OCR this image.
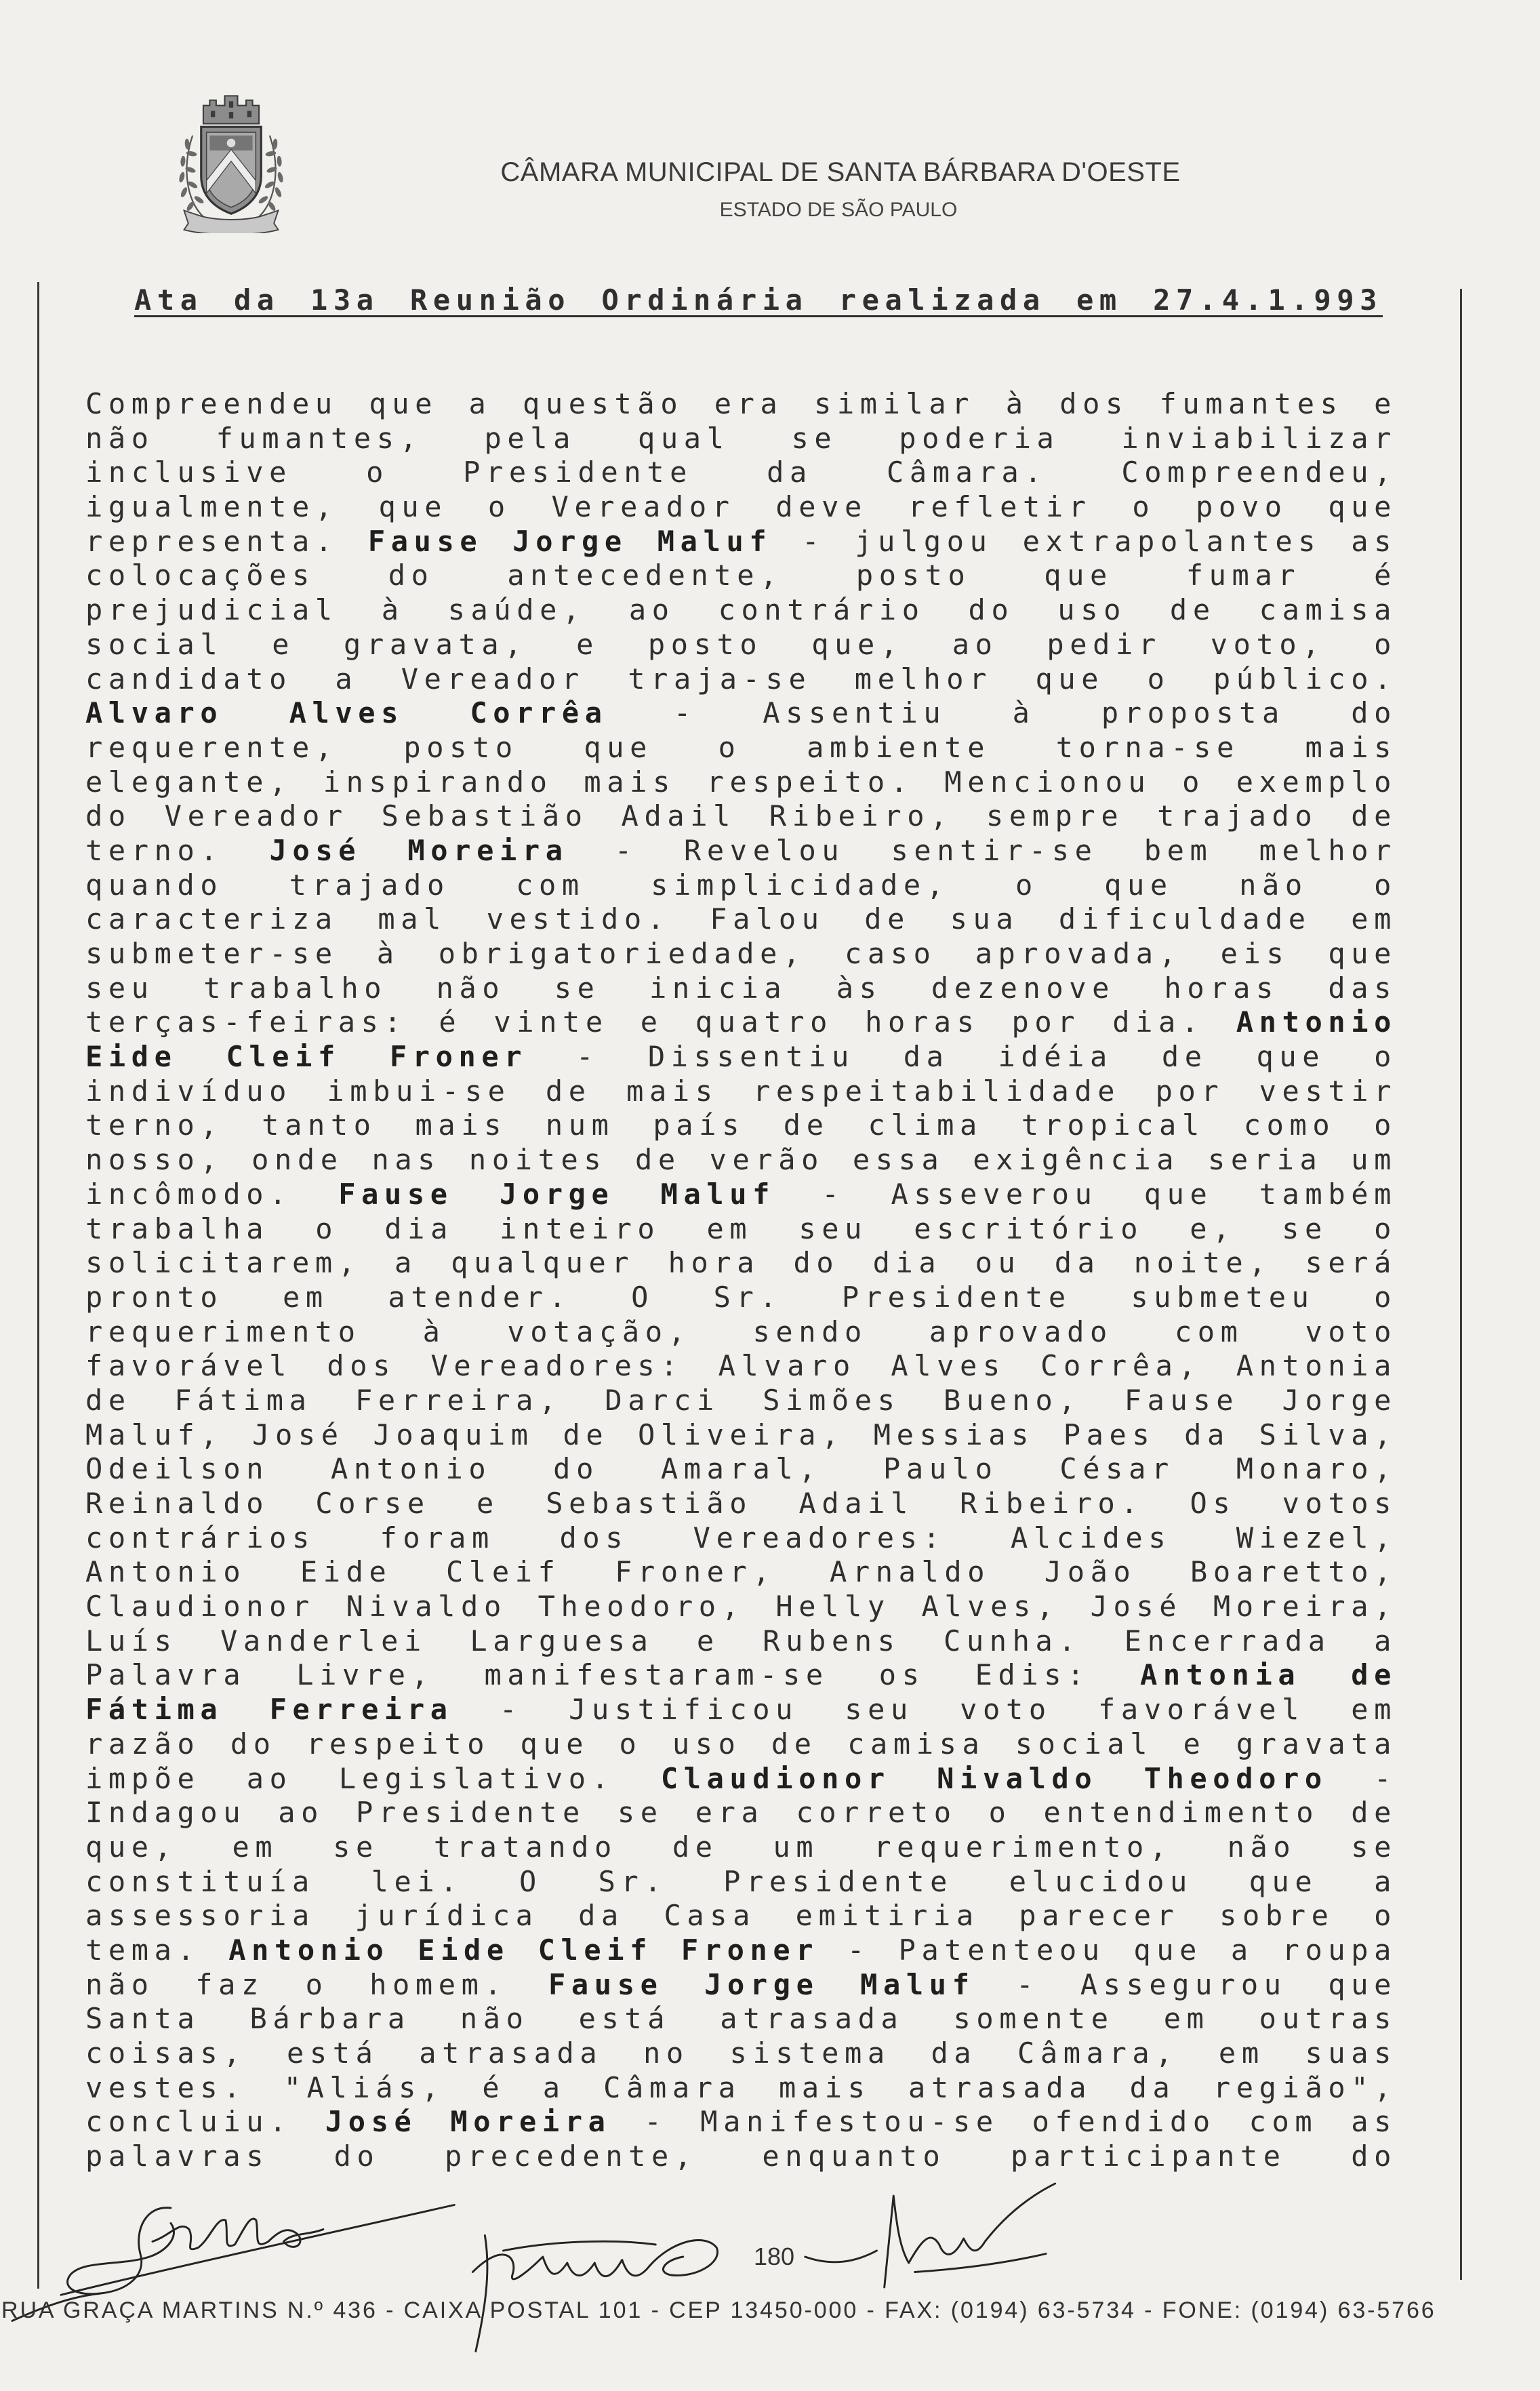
CÂMARA MUNICIPAL DE SANTA BÁRBARA D'OESTE
ESTADO DE SÃO PAULO
Ata da 13a Reunião Ordinária realizada em 27.4.1.993
Compreendeu que a questão era similar à dos fumantes e
não fumantes, pela qual se poderia inviabilizar
inclusive o Presidente da Câmara. Compreendeu,
igualmente, que o Vereador deve refletir o povo que
representa. Fause Jorge Maluf - julgou extrapolantes as
colocações do antecedente, posto que fumar é
prejudicial à saúde, ao contrário do uso de camisa
social e gravata, e posto que, ao pedir voto, o
candidato a Vereador traja-se melhor que o público.
Alvaro Alves Corrêa - Assentiu à proposta do
requerente, posto que o ambiente torna-se mais
elegante, inspirando mais respeito. Mencionou o exemplo
do Vereador Sebastião Adail Ribeiro, sempre trajado de
terno. José Moreira - Revelou sentir-se bem melhor
quando trajado com simplicidade, o que não o
caracteriza mal vestido. Falou de sua dificuldade em
submeter-se à obrigatoriedade, caso aprovada, eis que
seu trabalho não se inicia às dezenove horas das
terças-feiras: é vinte e quatro horas por dia. Antonio
Eide Cleif Froner - Dissentiu da idéia de que o
indivíduo imbui-se de mais respeitabilidade por vestir
terno, tanto mais num país de clima tropical como o
nosso, onde nas noites de verão essa exigência seria um
incômodo. Fause Jorge Maluf - Asseverou que também
trabalha o dia inteiro em seu escritório e, se o
solicitarem, a qualquer hora do dia ou da noite, será
pronto em atender. O Sr. Presidente submeteu o
requerimento à votação, sendo aprovado com voto
favorável dos Vereadores: Alvaro Alves Corrêa, Antonia
de Fátima Ferreira, Darci Simões Bueno, Fause Jorge
Maluf, José Joaquim de Oliveira, Messias Paes da Silva,
Odeilson Antonio do Amaral, Paulo César Monaro,
Reinaldo Corse e Sebastião Adail Ribeiro. Os votos
contrários foram dos Vereadores: Alcides Wiezel,
Antonio Eide Cleif Froner, Arnaldo João Boaretto,
Claudionor Nivaldo Theodoro, Helly Alves, José Moreira,
Luís Vanderlei Larguesa e Rubens Cunha. Encerrada a
Palavra Livre, manifestaram-se os Edis: Antonia de
Fátima Ferreira - Justificou seu voto favorável em
razão do respeito que o uso de camisa social e gravata
impõe ao Legislativo. Claudionor Nivaldo Theodoro -
Indagou ao Presidente se era correto o entendimento de
que, em se tratando de um requerimento, não se
constituía lei. O Sr. Presidente elucidou que a
assessoria jurídica da Casa emitiria parecer sobre o
tema. Antonio Eide Cleif Froner - Patenteou que a roupa
não faz o homem. Fause Jorge Maluf - Assegurou que
Santa Bárbara não está atrasada somente em outras
coisas, está atrasada no sistema da Câmara, em suas
vestes. "Aliás, é a Câmara mais atrasada da região",
concluiu. José Moreira - Manifestou-se ofendido com as
palavras do precedente, enquanto participante do
180
RUA GRAÇA MARTINS N.º 436 - CAIXA POSTAL 101 - CEP 13450-000 - FAX: (0194) 63-5734 - FONE: (0194) 63-5766
